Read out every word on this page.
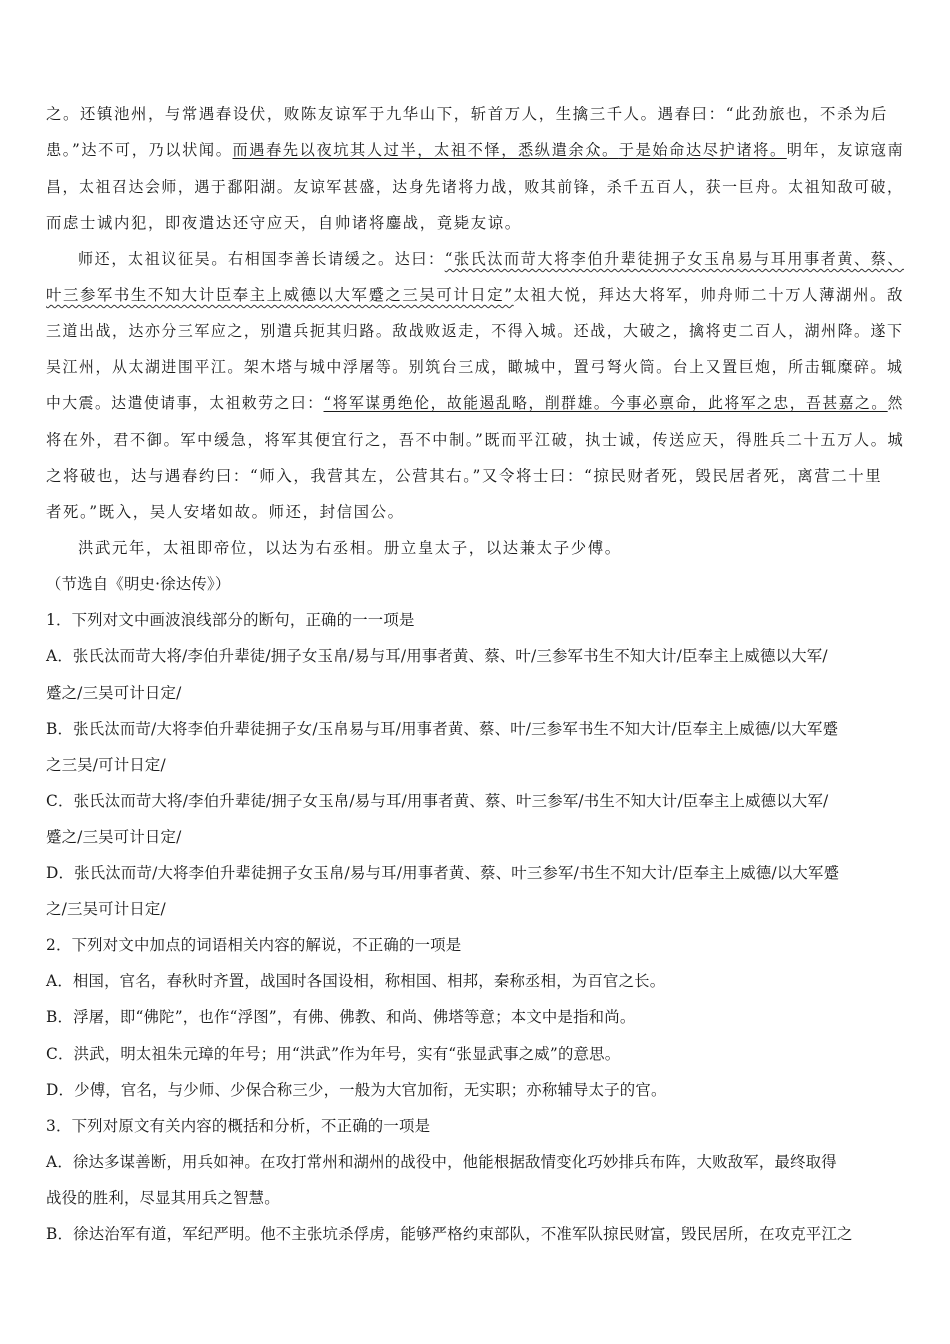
之。还镇池州，与常遇春设伏，败陈友谅军于九华山下，斩首万人，生擒三千人。遇春曰：“此劲旅也，不杀为后
患。”达不可，乃以状闻。而遇春先以夜坑其人过半，太祖不怿，悉纵遣余众。于是始命达尽护诸将。明年，友谅寇南
昌，太祖召达会师，遇于鄱阳湖。友谅军甚盛，达身先诸将力战，败其前锋，杀千五百人，获一巨舟。太祖知敌可破，
而虑士诚内犯，即夜遣达还守应天，自帅诸将鏖战，竟毙友谅。
师还，太祖议征吴。右相国李善长请缓之。达曰：“张氏汰而苛大将李伯升辈徒拥子女玉帛易与耳用事者黄、蔡、
叶三参军书生不知大计臣奉主上威德以大军蹙之三吴可计日定”太祖大悦，拜达大将军，帅舟师二十万人薄湖州。敌
三道出战，达亦分三军应之，别遣兵扼其归路。敌战败返走，不得入城。还战，大破之，擒将吏二百人，湖州降。遂下
吴江州，从太湖进围平江。架木塔与城中浮屠等。别筑台三成，瞰城中，置弓弩火筒。台上又置巨炮，所击辄糜碎。城
中大震。达遣使请事，太祖敕劳之曰：“将军谋勇绝伦，故能遏乱略，削群雄。今事必禀命，此将军之忠，吾甚嘉之。然
将在外，君不御。军中缓急，将军其便宜行之，吾不中制。”既而平江破，执士诚，传送应天，得胜兵二十五万人。城
之将破也，达与遇春约曰：“师入，我营其左，公营其右。”又令将士曰：“掠民财者死，毁民居者死，离营二十里
者死。”既入，吴人安堵如故。师还，封信国公。
洪武元年，太祖即帝位，以达为右丞相。册立皇太子，以达兼太子少傅。
（节选自《明史·徐达传》）
1．下列对文中画波浪线部分的断句，正确的一一项是
A．张氏汰而苛大将/李伯升辈徒/拥子女玉帛/易与耳/用事者黄、蔡、叶/三参军书生不知大计/臣奉主上威德以大军/
蹙之/三吴可计日定/
B．张氏汰而苛/大将李伯升辈徒拥子女/玉帛易与耳/用事者黄、蔡、叶/三参军书生不知大计/臣奉主上威德/以大军蹙
之三吴/可计日定/
C．张氏汰而苛大将/李伯升辈徒/拥子女玉帛/易与耳/用事者黄、蔡、叶三参军/书生不知大计/臣奉主上威德以大军/
蹙之/三吴可计日定/
D．张氏汰而苛/大将李伯升辈徒拥子女玉帛/易与耳/用事者黄、蔡、叶三参军/书生不知大计/臣奉主上威德/以大军蹙
之/三吴可计日定/
2．下列对文中加点的词语相关内容的解说，不正确的一项是
A．相国，官名，春秋时齐置，战国时各国设相，称相国、相邦，秦称丞相，为百官之长。
B．浮屠，即“佛陀”，也作“浮图”，有佛、佛教、和尚、佛塔等意；本文中是指和尚。
C．洪武，明太祖朱元璋的年号；用“洪武”作为年号，实有“张显武事之威”的意思。
D．少傅，官名，与少师、少保合称三少，一般为大官加衔，无实职；亦称辅导太子的官。
3．下列对原文有关内容的概括和分析，不正确的一项是
A．徐达多谋善断，用兵如神。在攻打常州和湖州的战役中，他能根据敌情变化巧妙排兵布阵，大败敌军，最终取得
战役的胜利，尽显其用兵之智慧。
B．徐达治军有道，军纪严明。他不主张坑杀俘虏，能够严格约束部队，不准军队掠民财富，毁民居所，在攻克平江之
